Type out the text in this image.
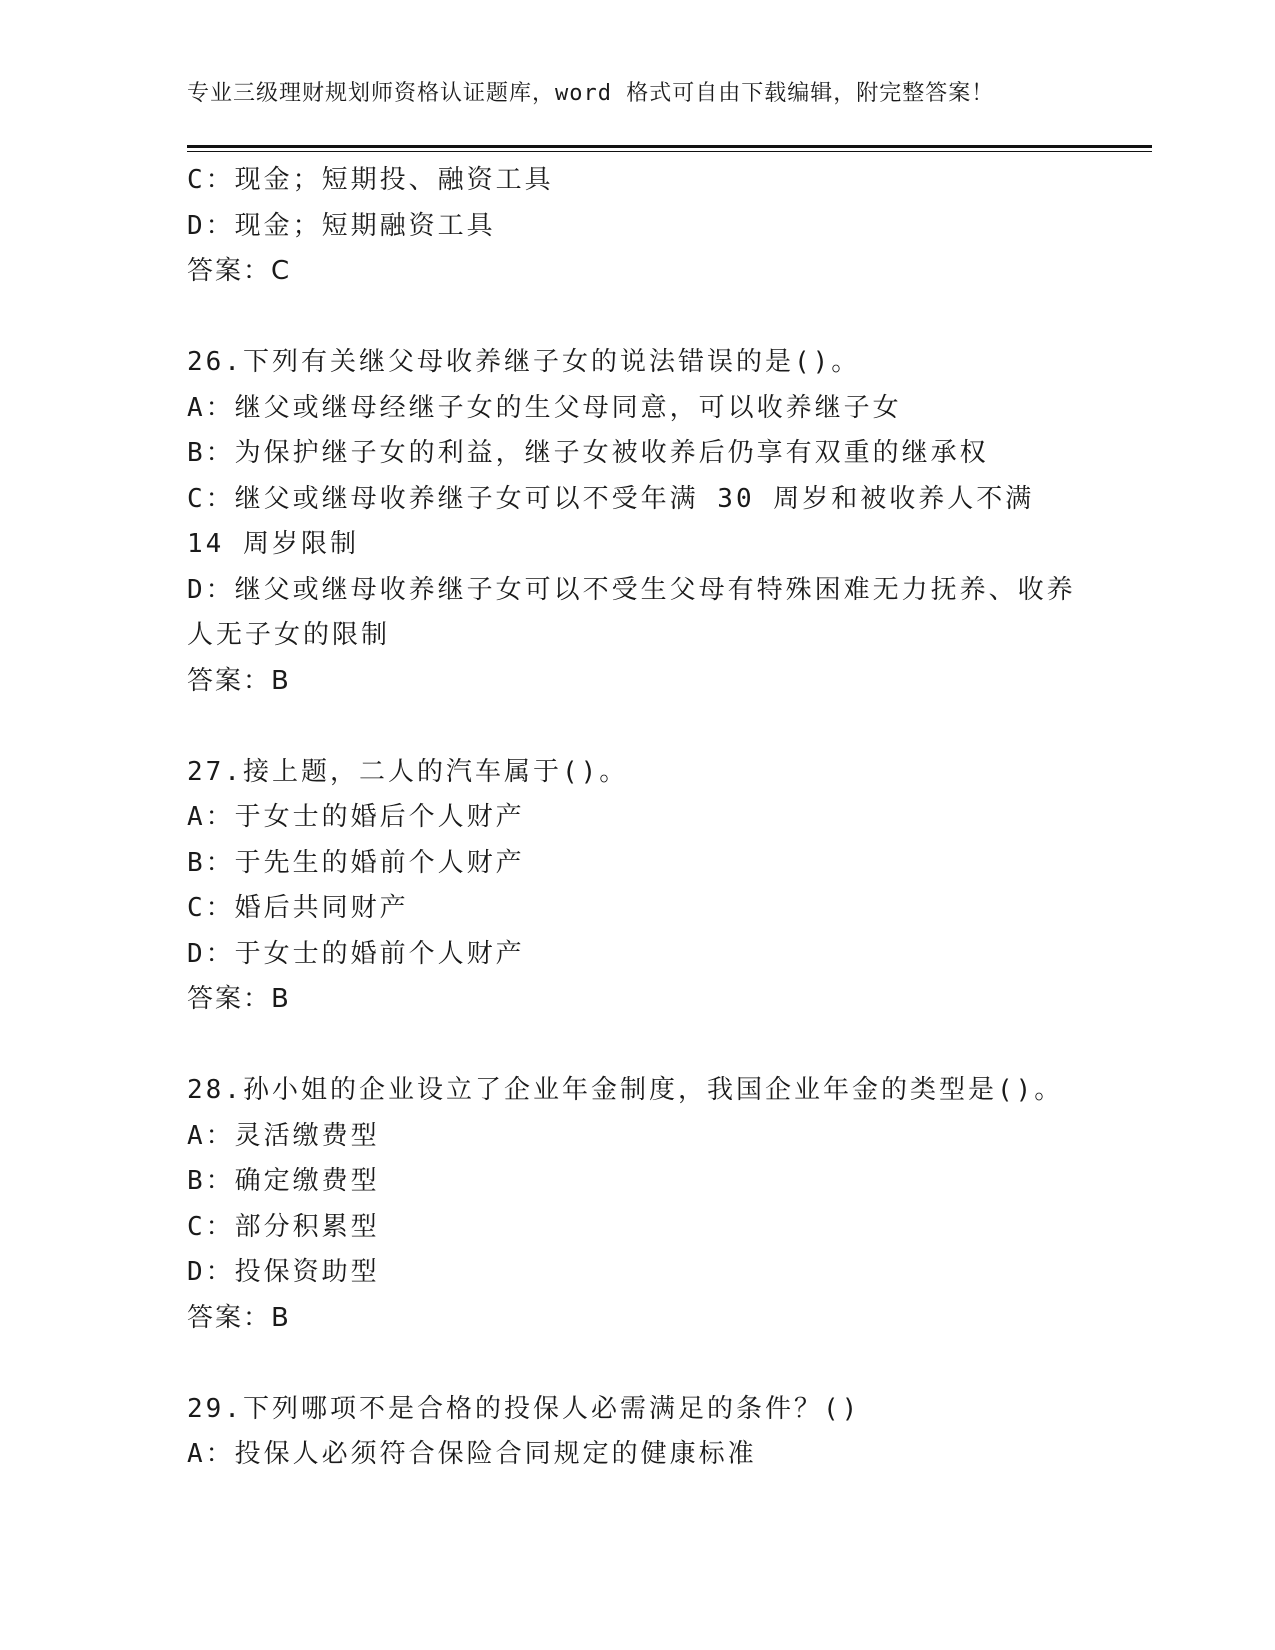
专业三级理财规划师资格认证题库，word 格式可自由下载编辑，附完整答案！
C：现金；短期投、融资工具
D：现金；短期融资工具
答案：C
26.下列有关继父母收养继子女的说法错误的是()。
A：继父或继母经继子女的生父母同意，可以收养继子女
B：为保护继子女的利益，继子女被收养后仍享有双重的继承权
C：继父或继母收养继子女可以不受年满 30 周岁和被收养人不满 14 周岁限制
D：继父或继母收养继子女可以不受生父母有特殊困难无力抚养、收养人无子女的限制
答案：B
27.接上题，二人的汽车属于()。
A：于女士的婚后个人财产
B：于先生的婚前个人财产
C：婚后共同财产
D：于女士的婚前个人财产
答案：B
28.孙小姐的企业设立了企业年金制度，我国企业年金的类型是()。
A：灵活缴费型
B：确定缴费型
C：部分积累型
D：投保资助型
答案：B
29.下列哪项不是合格的投保人必需满足的条件？()
A：投保人必须符合保险合同规定的健康标准
